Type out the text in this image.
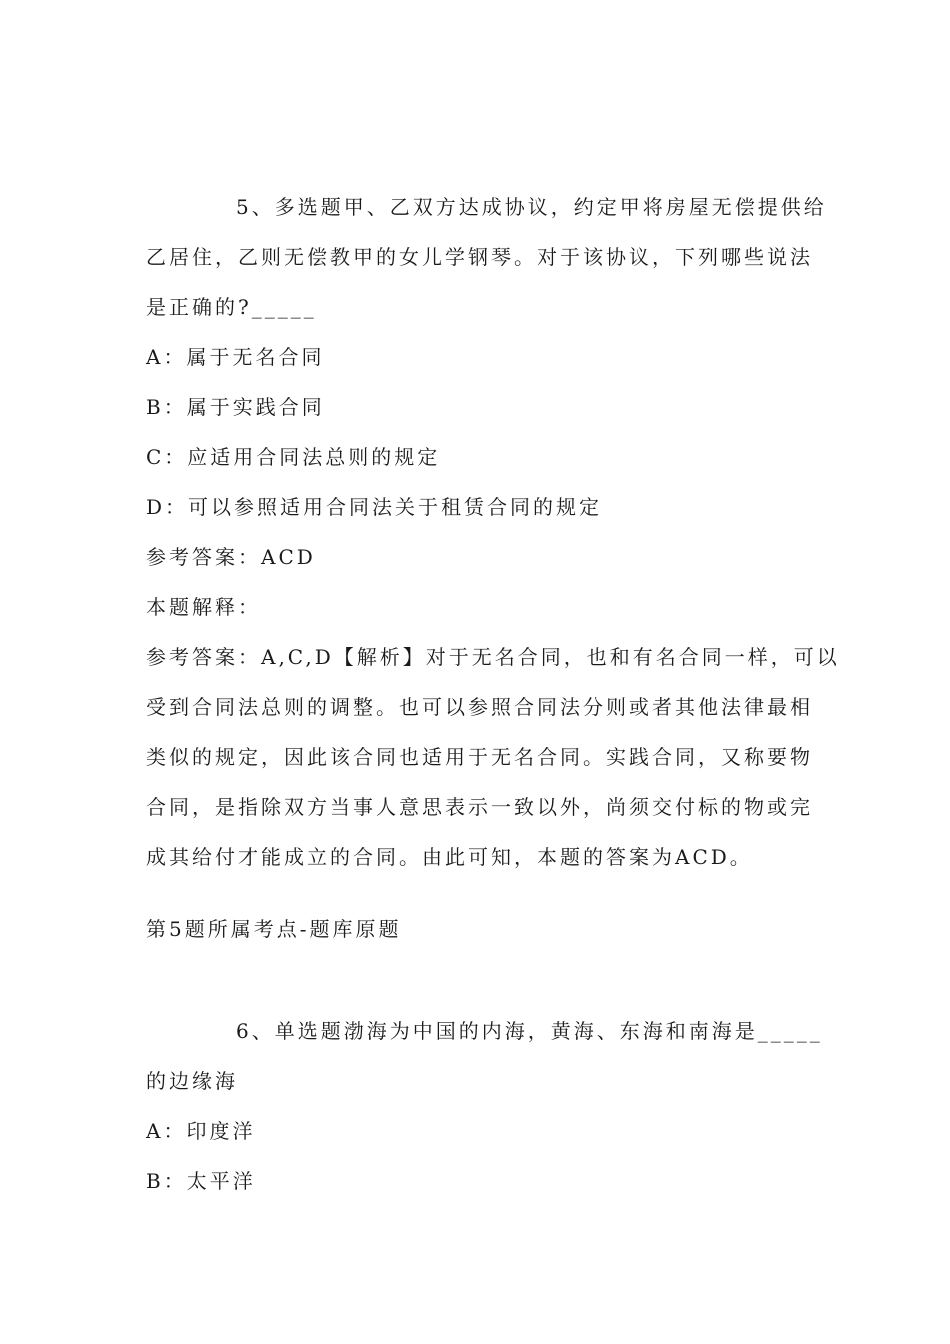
5、多选题甲、乙双方达成协议，约定甲将房屋无偿提供给
乙居住，乙则无偿教甲的女儿学钢琴。对于该协议，下列哪些说法
是正确的?_____
A：属于无名合同
B：属于实践合同
C：应适用合同法总则的规定
D：可以参照适用合同法关于租赁合同的规定
参考答案：ACD
本题解释：
参考答案：A,C,D【解析】对于无名合同，也和有名合同一样，可以
受到合同法总则的调整。也可以参照合同法分则或者其他法律最相
类似的规定，因此该合同也适用于无名合同。实践合同，又称要物
合同，是指除双方当事人意思表示一致以外，尚须交付标的物或完
成其给付才能成立的合同。由此可知，本题的答案为ACD。
第5题所属考点-题库原题
6、单选题渤海为中国的内海，黄海、东海和南海是_____
的边缘海
A：印度洋
B：太平洋
